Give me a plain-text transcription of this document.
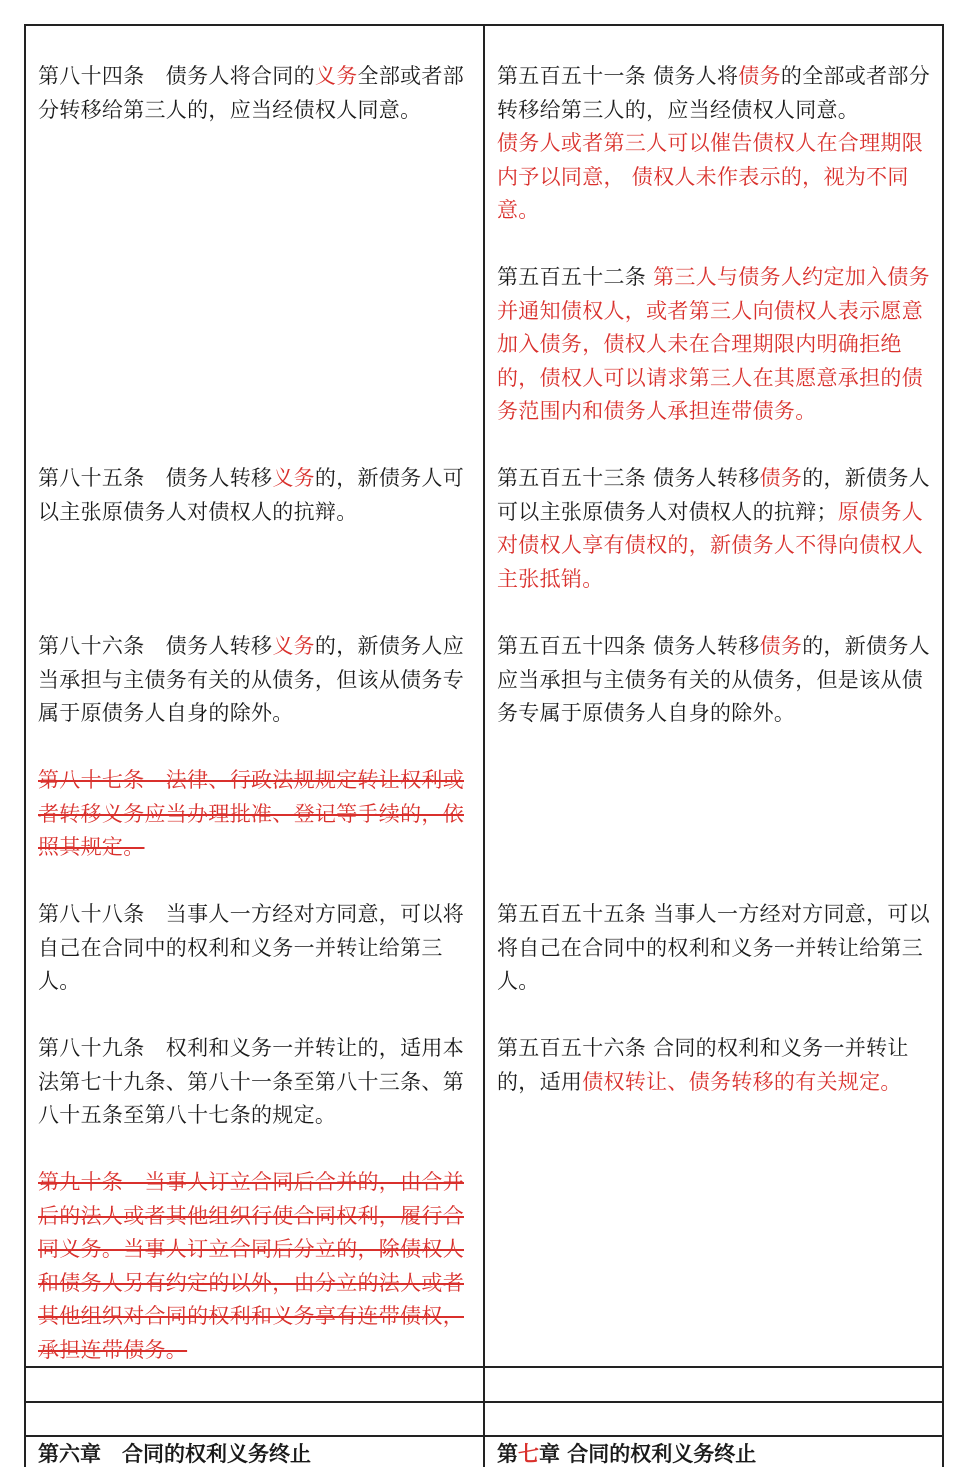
第八十四条　债务人将合同的义务全部或者部分转移给第三人的，应当经债权人同意。
第八十五条　债务人转移义务的，新债务人可以主张原债务人对债权人的抗辩。
第八十六条　债务人转移义务的，新债务人应当承担与主债务有关的从债务，但该从债务专属于原债务人自身的除外。
第八十七条　法律、行政法规规定转让权利或者转移义务应当办理批准、登记等手续的，依照其规定。
第八十八条　当事人一方经对方同意，可以将自己在合同中的权利和义务一并转让给第三人。
第八十九条　权利和义务一并转让的，适用本法第七十九条、第八十一条至第八十三条、第八十五条至第八十七条的规定。
第九十条　当事人订立合同后合并的，由合并后的法人或者其他组织行使合同权利，履行合同义务。当事人订立合同后分立的，除债权人和债务人另有约定的以外，由分立的法人或者其他组织对合同的权利和义务享有连带债权，承担连带债务。
第六章　合同的权利义务终止
第五百五十一条 债务人将债务的全部或者部分转移给第三人的，应当经债权人同意。
债务人或者第三人可以催告债权人在合理期限内予以同意， 债权人未作表示的，视为不同意。
第五百五十二条 第三人与债务人约定加入债务并通知债权人，或者第三人向债权人表示愿意加入债务，债权人未在合理期限内明确拒绝的，债权人可以请求第三人在其愿意承担的债务范围内和债务人承担连带债务。
第五百五十三条 债务人转移债务的，新债务人可以主张原债务人对债权人的抗辩；原债务人对债权人享有债权的，新债务人不得向债权人主张抵销。
第五百五十四条 债务人转移债务的，新债务人应当承担与主债务有关的从债务，但是该从债务专属于原债务人自身的除外。
第五百五十五条 当事人一方经对方同意，可以将自己在合同中的权利和义务一并转让给第三人。
第五百五十六条 合同的权利和义务一并转让的，适用债权转让、债务转移的有关规定。
第七章 合同的权利义务终止
